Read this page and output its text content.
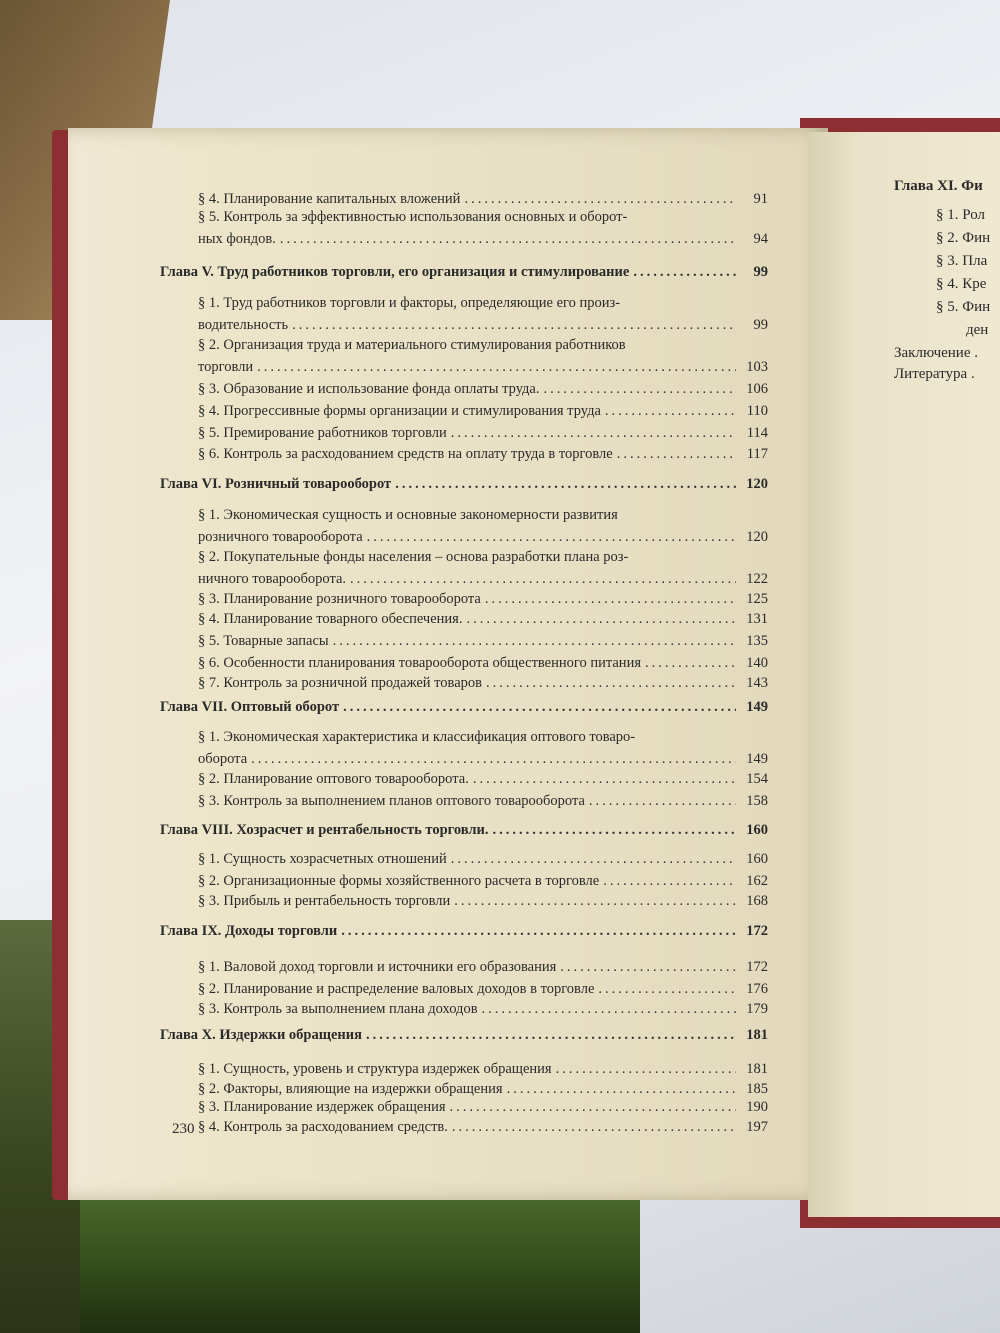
230
§ 4. Планирование капитальных вложений .....	91
§ 5. Контроль за эффективностью использования основных и оборот-
ных фондов. .....	94
Глава V. Труд работников торговли, его организация и стимулирование .....	99
§ 1. Труд работников торговли и факторы, определяющие его произ-
водительность .....	99
§ 2. Организация труда и материального стимулирования работников
торговли .....	103
§ 3. Образование и использование фонда оплаты труда. .....	106
§ 4. Прогрессивные формы организации и стимулирования труда .....	110
§ 5. Премирование работников торговли .....	114
§ 6. Контроль за расходованием средств на оплату труда в торговле .....	117
Глава VI. Розничный товарооборот .....	120
§ 1. Экономическая сущность и основные закономерности развития
розничного товарооборота .....	120
§ 2. Покупательные фонды населения – основа разработки плана роз-
ничного товарооборота. .....	122
§ 3. Планирование розничного товарооборота .....	125
§ 4. Планирование товарного обеспечения. .....	131
§ 5. Товарные запасы .....	135
§ 6. Особенности планирования товарооборота общественного питания .....	140
§ 7. Контроль за розничной продажей товаров .....	143
Глава VII. Оптовый оборот .....	149
§ 1. Экономическая характеристика и классификация оптового товаро-
оборота .....	149
§ 2. Планирование оптового товарооборота. .....	154
§ 3. Контроль за выполнением планов оптового товарооборота .....	158
Глава VIII. Хозрасчет и рентабельность торговли. .....	160
§ 1. Сущность хозрасчетных отношений .....	160
§ 2. Организационные формы хозяйственного расчета в торговле .....	162
§ 3. Прибыль и рентабельность торговли .....	168
Глава IX. Доходы торговли .....	172
§ 1. Валовой доход торговли и источники его образования .....	172
§ 2. Планирование и распределение валовых доходов в торговле .....	176
§ 3. Контроль за выполнением плана доходов .....	179
Глава X. Издержки обращения .....	181
§ 1. Сущность, уровень и структура издержек обращения .....	181
§ 2. Факторы, влияющие на издержки обращения .....	185
§ 3. Планирование издержек обращения .....	190
§ 4. Контроль за расходованием средств. .....	197
Глава XI. Фи
§ 1. Рол
§ 2. Фин
§ 3. Пла
§ 4. Кре
§ 5. Фин
ден
Заключение .
Литература .
